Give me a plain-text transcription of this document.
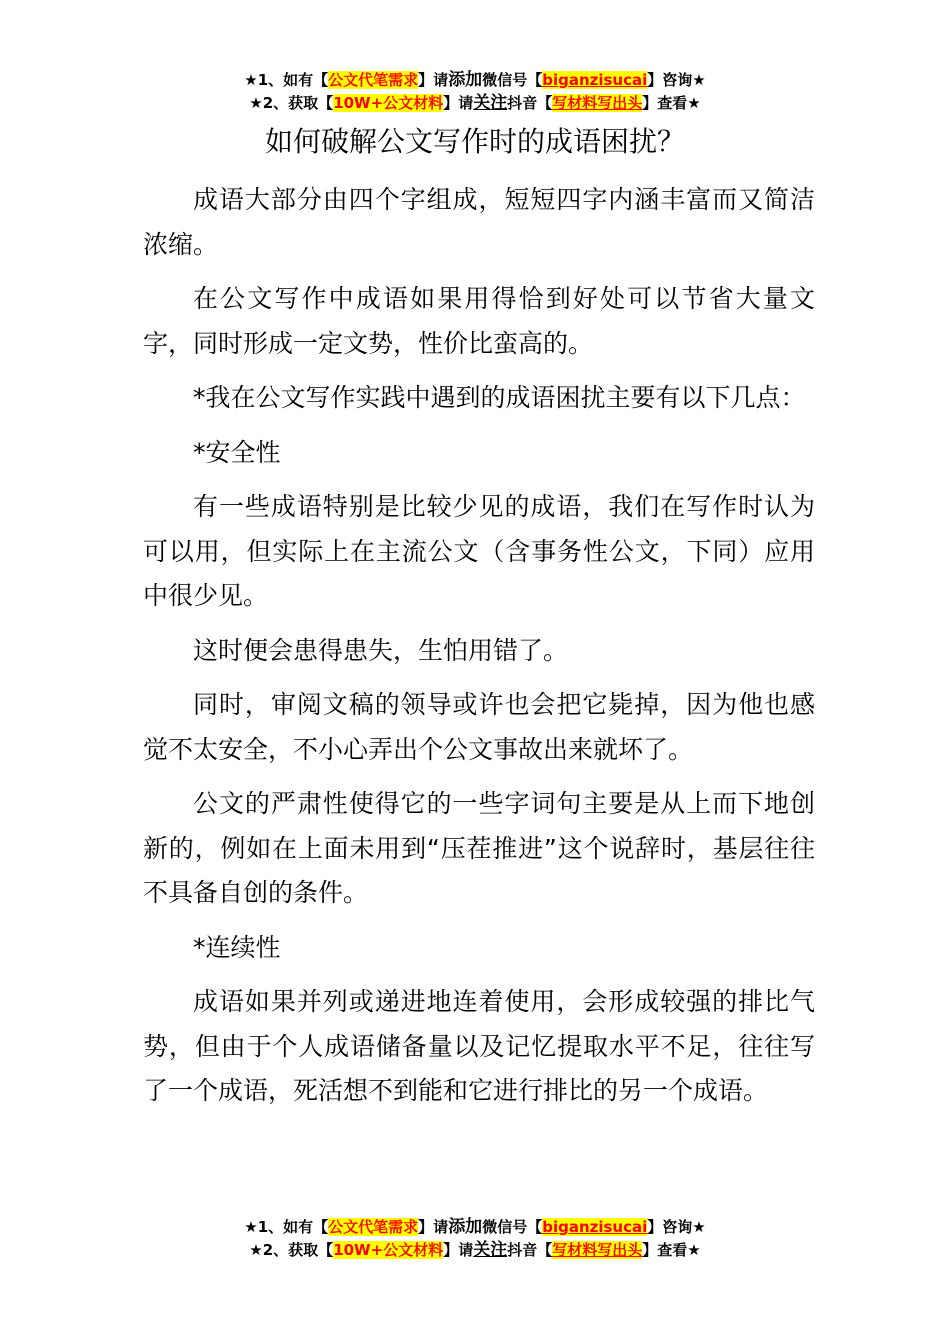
★1、如有【公文代笔需求】请添加微信号【biganzisucai】咨询★
★2、获取【10W+公文材料】请关注抖音【写材料写出头】查看★
如何破解公文写作时的成语困扰？

成语大部分由四个字组成，短短四字内涵丰富而又简洁浓缩。

在公文写作中成语如果用得恰到好处可以节省大量文字，同时形成一定文势，性价比蛮高的。

*我在公文写作实践中遇到的成语困扰主要有以下几点：

*安全性

有一些成语特别是比较少见的成语，我们在写作时认为可以用，但实际上在主流公文（含事务性公文，下同）应用中很少见。

这时便会患得患失，生怕用错了。

同时，审阅文稿的领导或许也会把它毙掉，因为他也感觉不太安全，不小心弄出个公文事故出来就坏了。

公文的严肃性使得它的一些字词句主要是从上而下地创新的，例如在上面未用到“压茬推进”这个说辞时，基层往往不具备自创的条件。

*连续性

成语如果并列或递进地连着使用，会形成较强的排比气势，但由于个人成语储备量以及记忆提取水平不足，往往写了一个成语，死活想不到能和它进行排比的另一个成语。

★1、如有【公文代笔需求】请添加微信号【biganzisucai】咨询★
★2、获取【10W+公文材料】请关注抖音【写材料写出头】查看★
